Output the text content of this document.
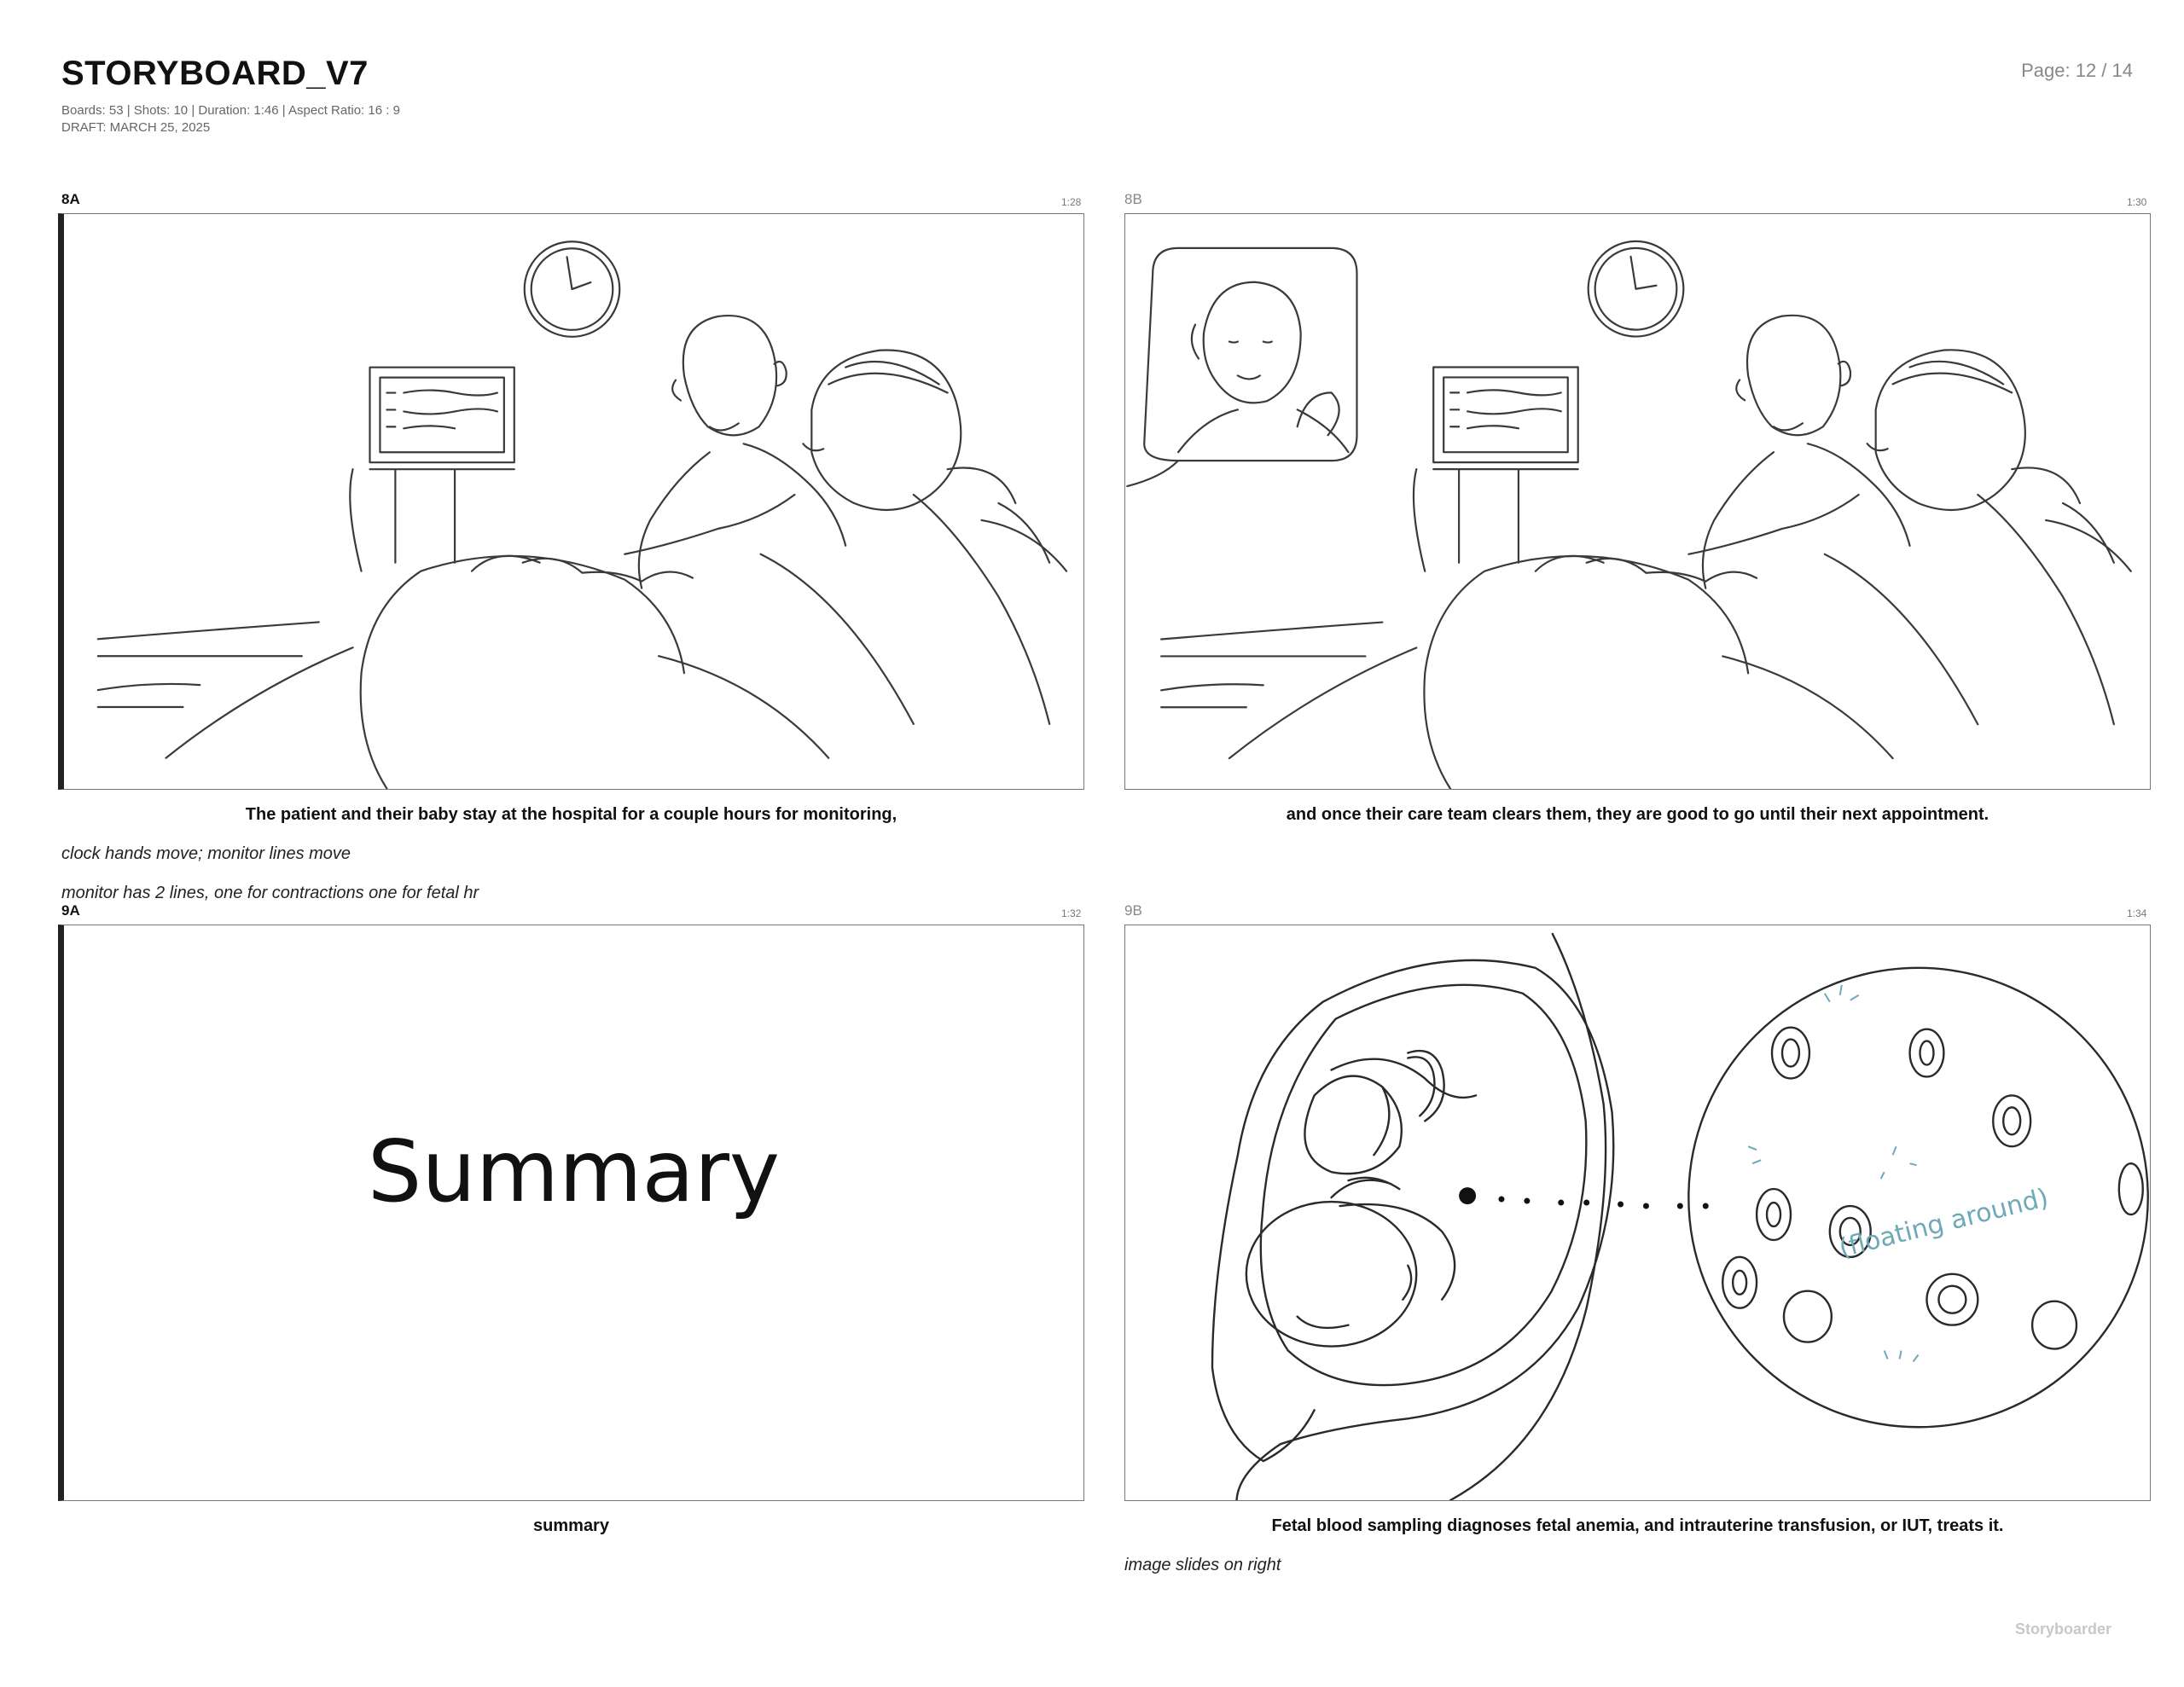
STORYBOARD_V7
Boards: 53 | Shots: 10 | Duration: 1:46 | Aspect Ratio: 16 : 9
DRAFT: MARCH 25, 2025
Page: 12 / 14
8A	1:28
The patient and their baby stay at the hospital for a couple hours for monitoring,
clock hands move; monitor lines move
monitor has 2 lines, one for contractions one for fetal hr
8B	1:30
and once their care team clears them, they are good to go until their next appointment.
9A	1:32
Summary
summary
9B	1:34
(floating around)
Fetal blood sampling diagnoses fetal anemia, and intrauterine transfusion, or IUT, treats it.
image slides on right
Storyboarder
